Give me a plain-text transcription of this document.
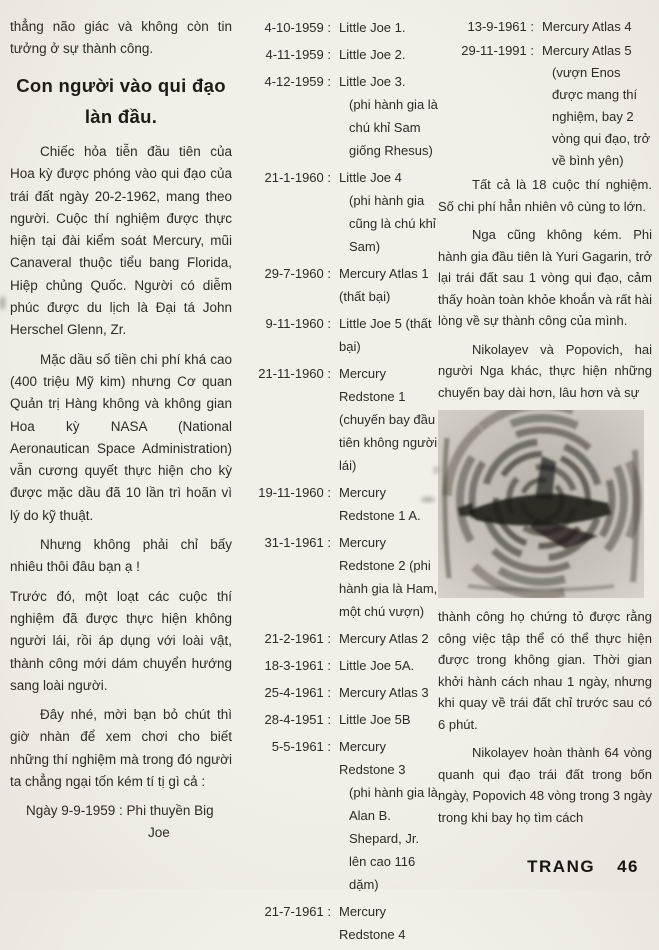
thẳng não giác và không còn tin tưởng ở sự thành công.

Con người vào qui đạo
làn đầu.

Chiếc hỏa tiễn đầu tiên của Hoa kỳ được phóng vào qui đạo của trái đất ngày 20-2-1962, mang theo người. Cuộc thí nghiệm được thực hiện tại đài kiểm soát Mercury, mũi Canaveral thuộc tiểu bang Florida, Hiệp chủng Quốc. Người có diễm phúc được du lịch là Đại tá John Herschel Glenn, Zr.

Mặc dầu số tiền chi phí khá cao (400 triệu Mỹ kim) nhưng Cơ quan Quản trị Hàng không và không gian Hoa kỳ NASA (National Aeronautican Space Administration) vẫn cương quyết thực hiện cho kỳ được mặc dầu đã 10 lần trì hoãn vì lý do kỹ thuật.

Nhưng không phải chỉ bấy nhiêu thôi đâu bạn ạ !

Trước đó, một loạt các cuộc thí nghiệm đã được thực hiện không người lái, rồi áp dụng với loài vật, thành công mới dám chuyển hướng sang loài người.

Đây nhé, mời bạn bỏ chút thì giờ nhàn để xem chơi cho biết những thí nghiệm mà trong đó người ta chẳng ngại tốn kém tí tị gì cả :

Ngày 9-9-1959 : Phi thuyền Big
Joe
4-10-1959 : Little Joe 1.
4-11-1959 : Little Joe 2.
4-12-1959 : Little Joe 3.
(phi hành gia là chú khỉ Sam giống Rhesus)
21-1-1960 : Little Joe 4
(phi hành gia cũng là chú khỉ Sam)
29-7-1960 : Mercury Atlas 1 (thất bại)
9-11-1960 : Little Joe 5 (thất bại)
21-11-1960 : Mercury Redstone 1 (chuyến bay đầu tiên không người lái)
19-11-1960 : Mercury Redstone 1 A.
31-1-1961 : Mercury Redstone 2 (phi hành gia là Ham, một chú vượn)
21-2-1961 : Mercury Atlas 2
18-3-1961 : Little Joe 5A.
25-4-1961 : Mercury Atlas 3
28-4-1951 : Little Joe 5B
5-5-1961 : Mercury Redstone 3
(phi hành gia là Alan B. Shepard, Jr. lên cao 116 dặm)
21-7-1961 : Mercury Redstone 4
13-9-1961 : Mercury Atlas 4
29-11-1991 : Mercury Atlas 5
(vượn Enos được mang thí nghiệm, bay 2 vòng qui đạo, trở về bình yên)

Tất cả là 18 cuộc thí nghiệm. Số chi phí hẳn nhiên vô cùng to lớn.

Nga cũng không kém. Phi hành gia đầu tiên là Yuri Gagarin, trở lại trái đất sau 1 vòng qui đạo, cảm thấy hoàn toàn khỏe khoắn và rất hài lòng về sự thành công của mình.

Nikolayev và Popovich, hai người Nga khác, thực hiện những chuyến bay dài hơn, lâu hơn và sự

thành công họ chứng tỏ được rằng công việc tập thể có thể thực hiện được trong không gian. Thời gian khởi hành cách nhau 1 ngày, nhưng khi quay về trái đất chỉ trước sau có 6 phút.

Nikolayev hoàn thành 64 vòng quanh qui đạo trái đất trong bốn ngày, Popovich 48 vòng trong 3 ngày trong khi bay họ tìm cách

TRANG 46
